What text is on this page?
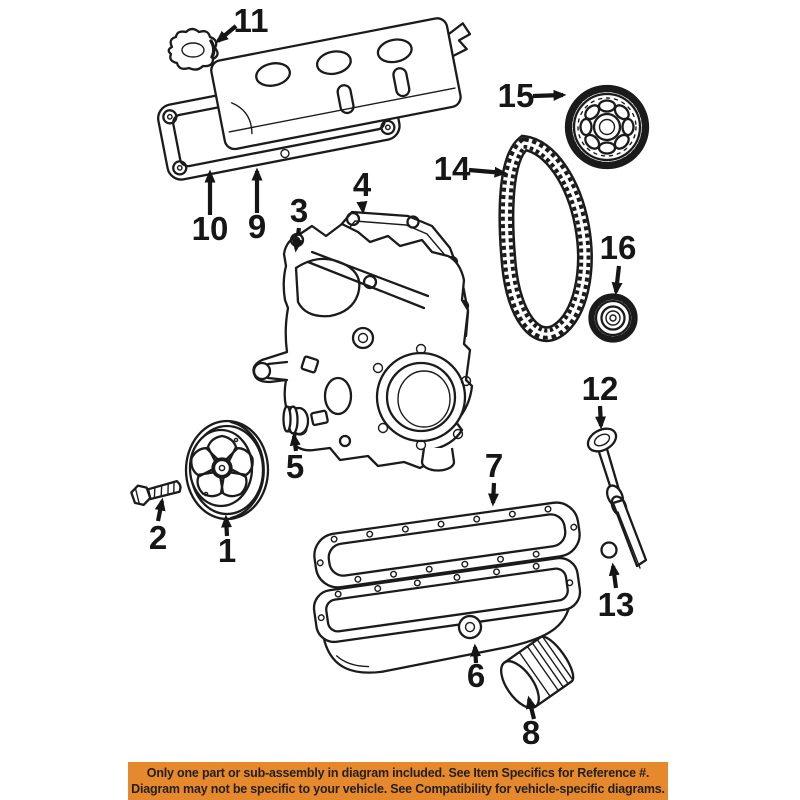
1
2
3
4
5
6
7
8
9
10
11
12
13
14
15
16
Only one part or sub-assembly in diagram included. See Item Specifics for Reference #.
Diagram may not be specific to your vehicle. See Compatibility for vehicle-specific diagrams.
